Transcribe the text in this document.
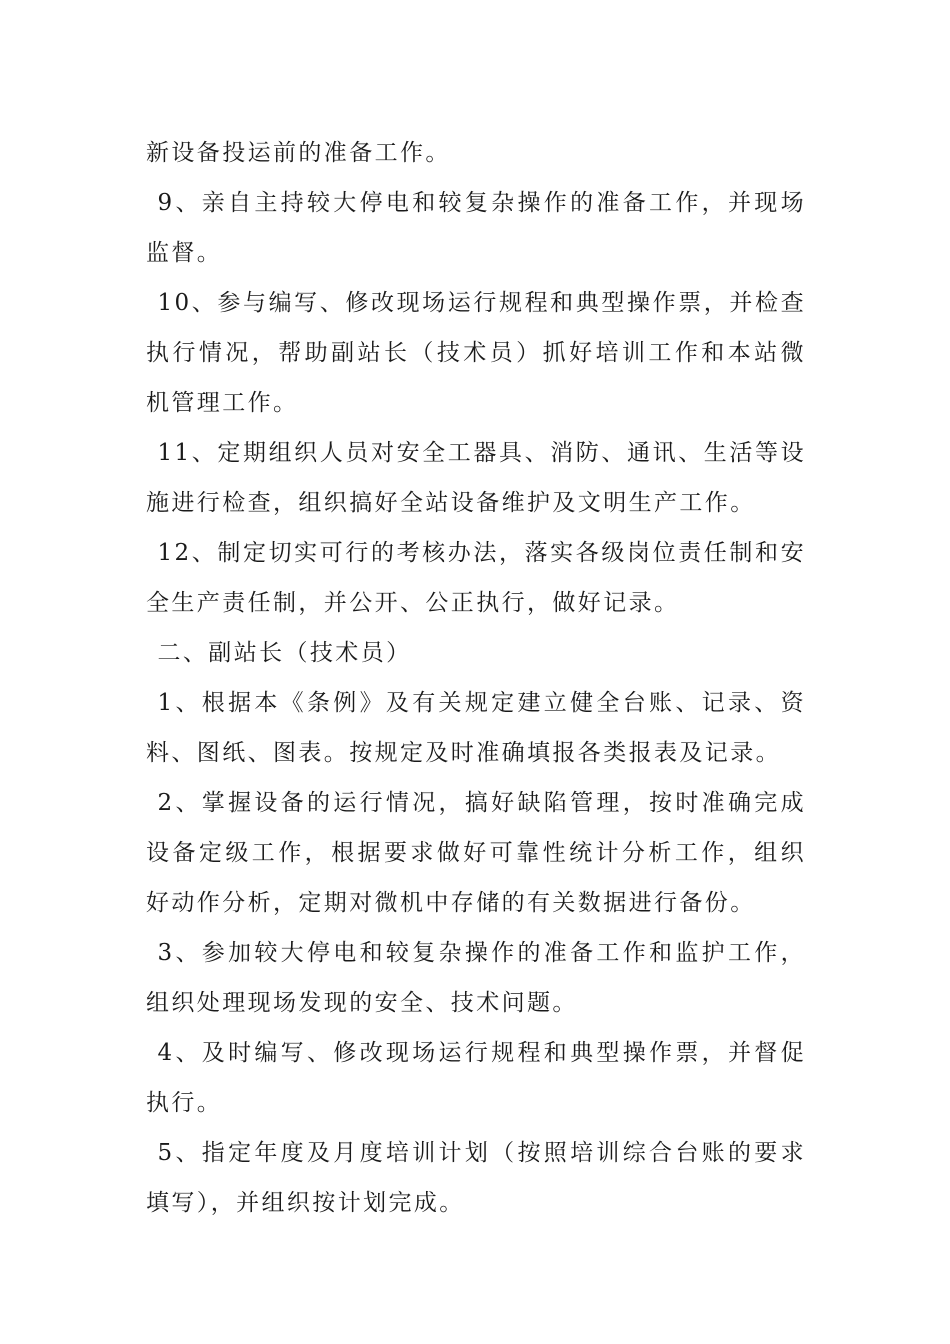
新设备投运前的准备工作。

9、亲自主持较大停电和较复杂操作的准备工作，并现场监督。

10、参与编写、修改现场运行规程和典型操作票，并检查执行情况，帮助副站长（技术员）抓好培训工作和本站微机管理工作。

11、定期组织人员对安全工器具、消防、通讯、生活等设施进行检查，组织搞好全站设备维护及文明生产工作。

12、制定切实可行的考核办法，落实各级岗位责任制和安全生产责任制，并公开、公正执行，做好记录。

二、副站长（技术员）

1、根据本《条例》及有关规定建立健全台账、记录、资料、图纸、图表。按规定及时准确填报各类报表及记录。

2、掌握设备的运行情况，搞好缺陷管理，按时准确完成设备定级工作，根据要求做好可靠性统计分析工作，组织好动作分析，定期对微机中存储的有关数据进行备份。

3、参加较大停电和较复杂操作的准备工作和监护工作，组织处理现场发现的安全、技术问题。

4、及时编写、修改现场运行规程和典型操作票，并督促执行。

5、指定年度及月度培训计划（按照培训综合台账的要求填写），并组织按计划完成。
